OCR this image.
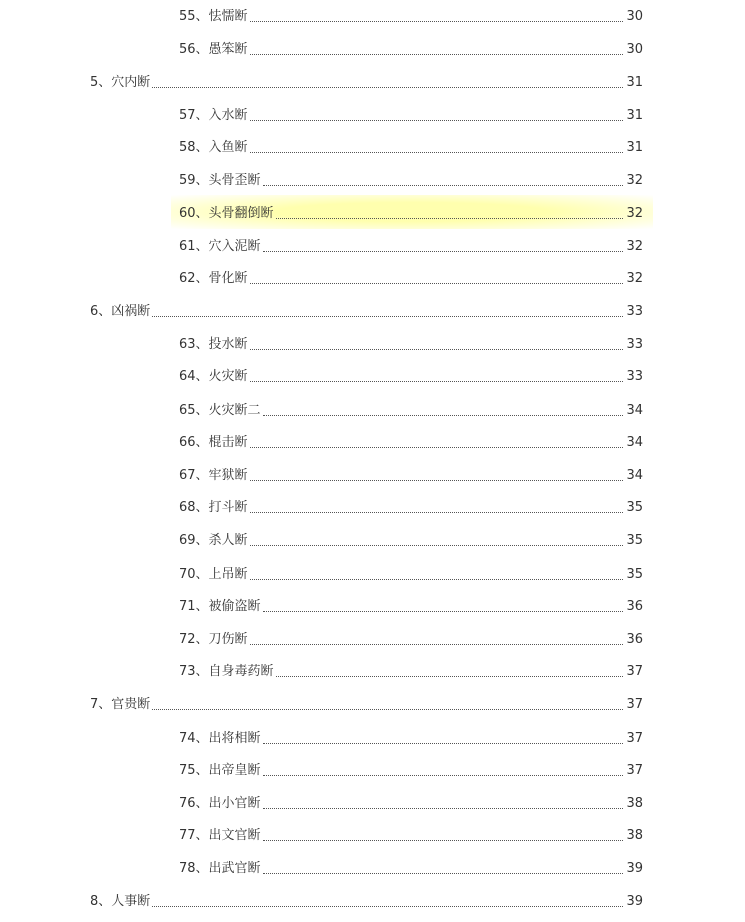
55、怯懦断	30
56、愚笨断	30
5、穴内断	31
57、入水断	31
58、入鱼断	31
59、头骨歪断	32
60、头骨翻倒断	32
61、穴入泥断	32
62、骨化断	32
6、凶祸断	33
63、投水断	33
64、火灾断	33
65、火灾断二	34
66、棍击断	34
67、牢狱断	34
68、打斗断	35
69、杀人断	35
70、上吊断	35
71、被偷盗断	36
72、刀伤断	36
73、自身毒药断	37
7、官贵断	37
74、出将相断	37
75、出帝皇断	37
76、出小官断	38
77、出文官断	38
78、出武官断	39
8、人事断	39
